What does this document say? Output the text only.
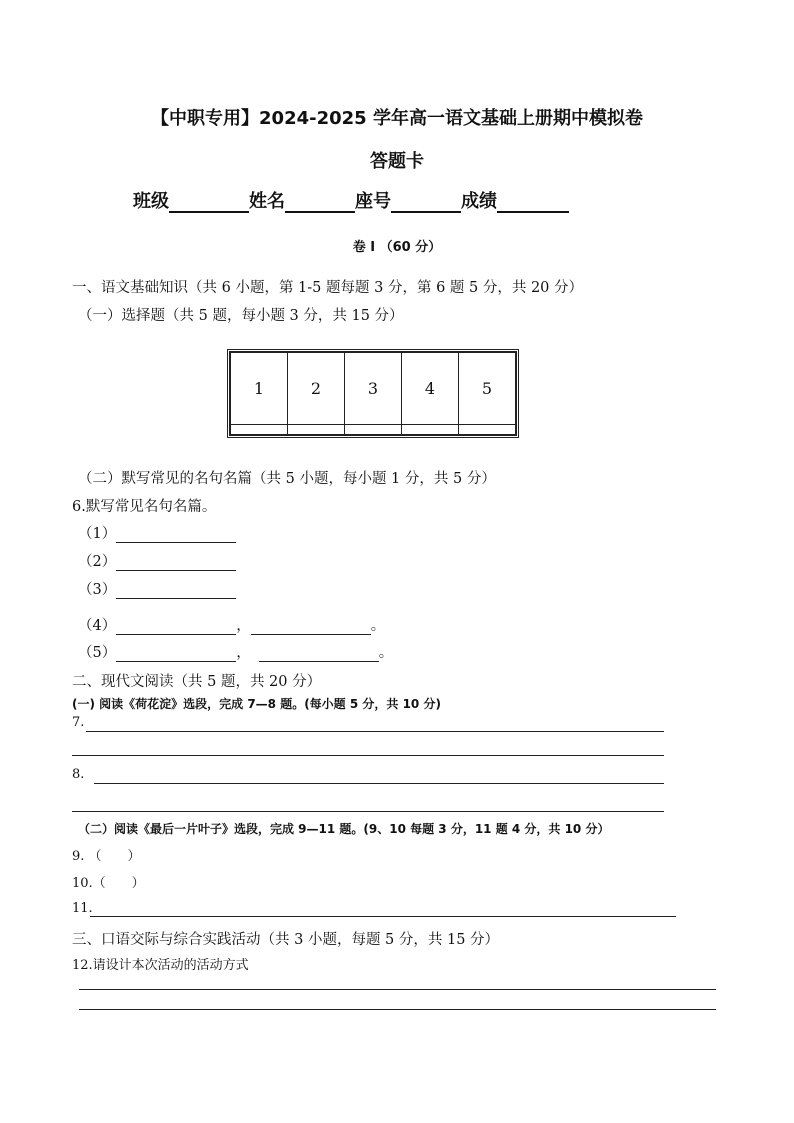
【中职专用】2024-2025 学年高一语文基础上册期中模拟卷
答题卡
班级	姓名	座号	成绩
卷 I （60 分）
一、语文基础知识（共 6 小题，第 1-5 题每题 3 分，第 6 题 5 分，共 20 分）
（一）选择题（共 5 题，每小题 3 分，共 15 分）
1	2	3	4	5

（二）默写常见的名句名篇（共 5 小题，每小题 1 分，共 5 分）
6.默写常见名句名篇。
（1）
（2）
（3）
（4）	，	。
（5）	，	。
二、现代文阅读（共 5 题，共 20 分）
(一) 阅读《荷花淀》选段，完成 7—8 题。(每小题 5 分，共 10 分)
7.
8.
（二）阅读《最后一片叶子》选段，完成 9—11 题。(9、10 每题 3 分，11 题 4 分，共 10 分）
9. （　　）
10.（　　）
11.
三、口语交际与综合实践活动（共 3 小题，每题 5 分，共 15 分）
12.请设计本次活动的活动方式
